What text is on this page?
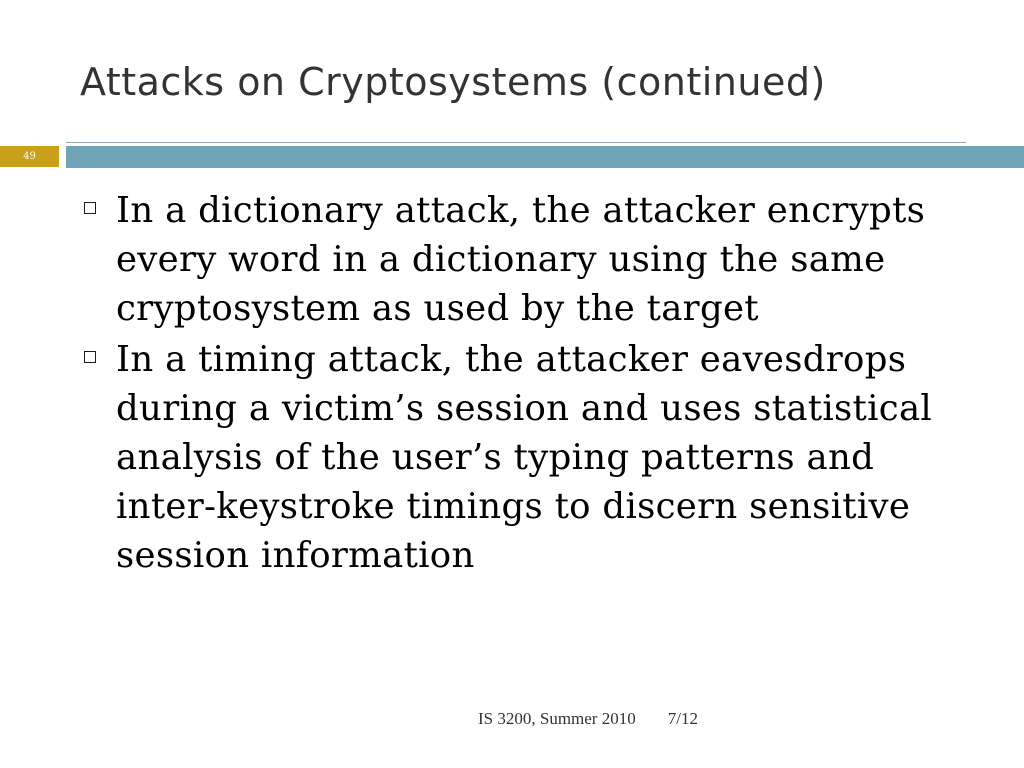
Attacks on Cryptosystems (continued)
49
In a dictionary attack, the attacker encrypts every word in a dictionary using the same cryptosystem as used by the target
In a timing attack, the attacker eavesdrops during a victim’s session and uses statistical analysis of the user’s typing patterns and inter-keystroke timings to discern sensitive session information
IS 3200, Summer 2010 7/12
